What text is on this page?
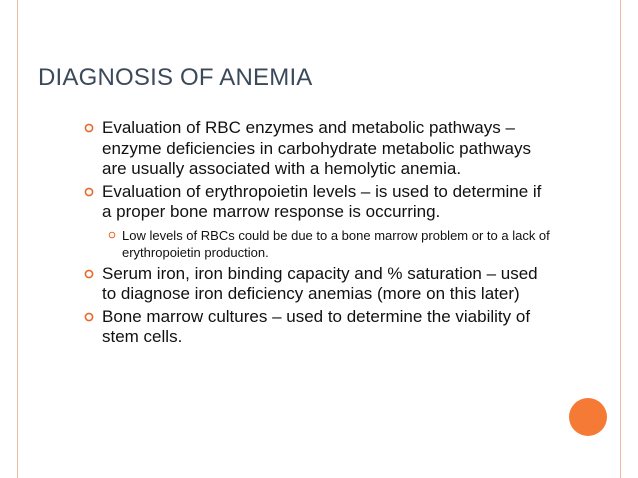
DIAGNOSIS OF ANEMIA
Evaluation of RBC enzymes and metabolic pathways – enzyme deficiencies in carbohydrate metabolic pathways are usually associated with a hemolytic anemia.
Evaluation of erythropoietin levels – is used to determine if a proper bone marrow response is occurring.
Low levels of RBCs could be due to a bone marrow problem or to a lack of erythropoietin production.
Serum iron, iron binding capacity and % saturation – used to diagnose iron deficiency anemias (more on this later)
Bone marrow cultures – used to determine the viability of stem cells.
